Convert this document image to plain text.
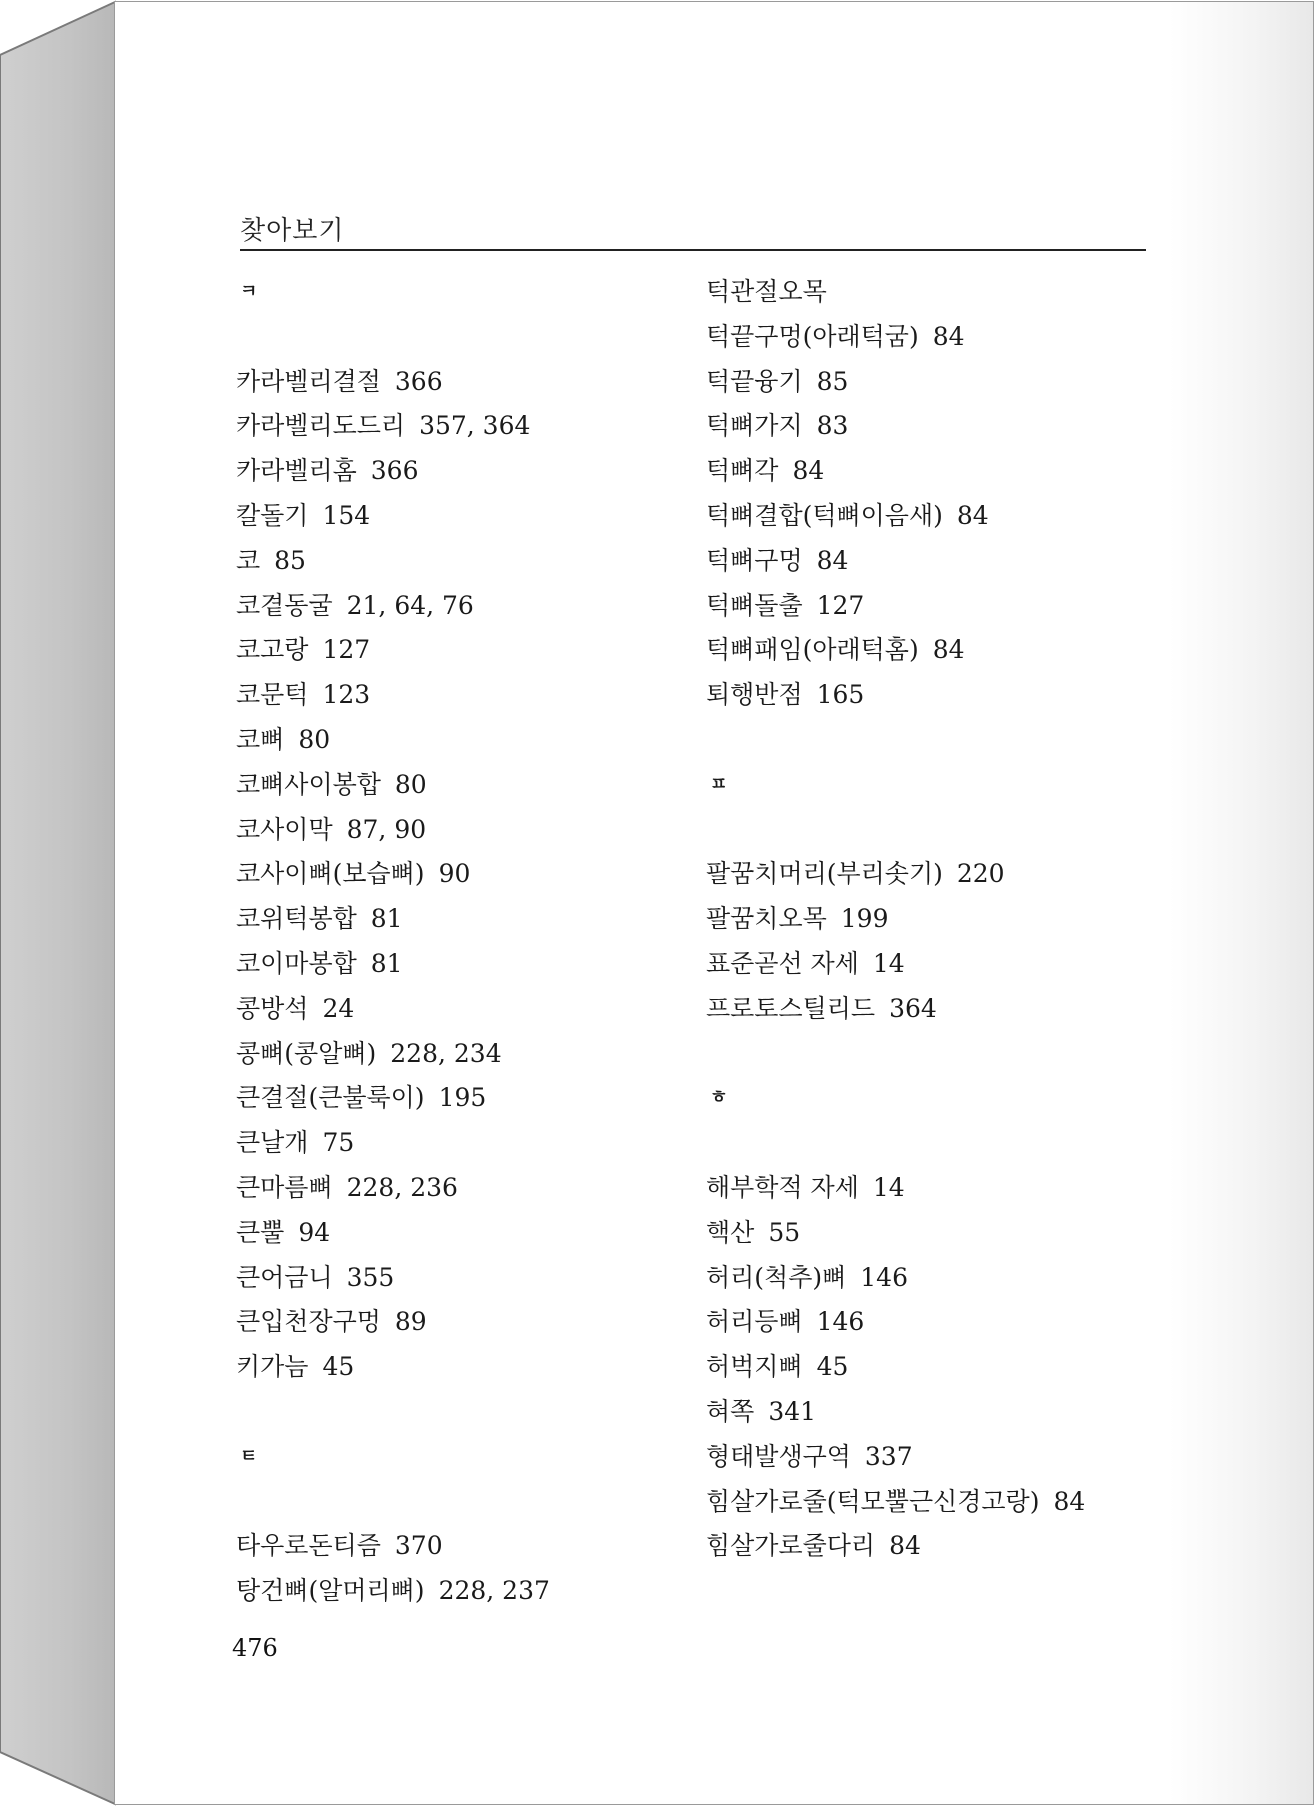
찾아보기
ㅋ
카라벨리결절 366
카라벨리도드리 357, 364
카라벨리홈 366
칼돌기 154
코 85
코곁동굴 21, 64, 76
코고랑 127
코문턱 123
코뼈 80
코뼈사이봉합 80
코사이막 87, 90
코사이뼈(보습뼈) 90
코위턱봉합 81
코이마봉합 81
콩방석 24
콩뼈(콩알뼈) 228, 234
큰결절(큰불룩이) 195
큰날개 75
큰마름뼈 228, 236
큰뿔 94
큰어금니 355
큰입천장구멍 89
키가늠 45
ㅌ
타우로돈티즘 370
탕건뼈(알머리뼈) 228, 237
턱관절오목
턱끝구멍(아래턱굼) 84
턱끝융기 85
턱뼈가지 83
턱뼈각 84
턱뼈결합(턱뼈이음새) 84
턱뼈구멍 84
턱뼈돌출 127
턱뼈패임(아래턱홈) 84
퇴행반점 165
ㅍ
팔꿈치머리(부리솟기) 220
팔꿈치오목 199
표준곧선 자세 14
프로토스틸리드 364
ㅎ
해부학적 자세 14
핵산 55
허리(척추)뼈 146
허리등뼈 146
허벅지뼈 45
혀쪽 341
형태발생구역 337
힘살가로줄(턱모뿔근신경고랑) 84
힘살가로줄다리 84
476
